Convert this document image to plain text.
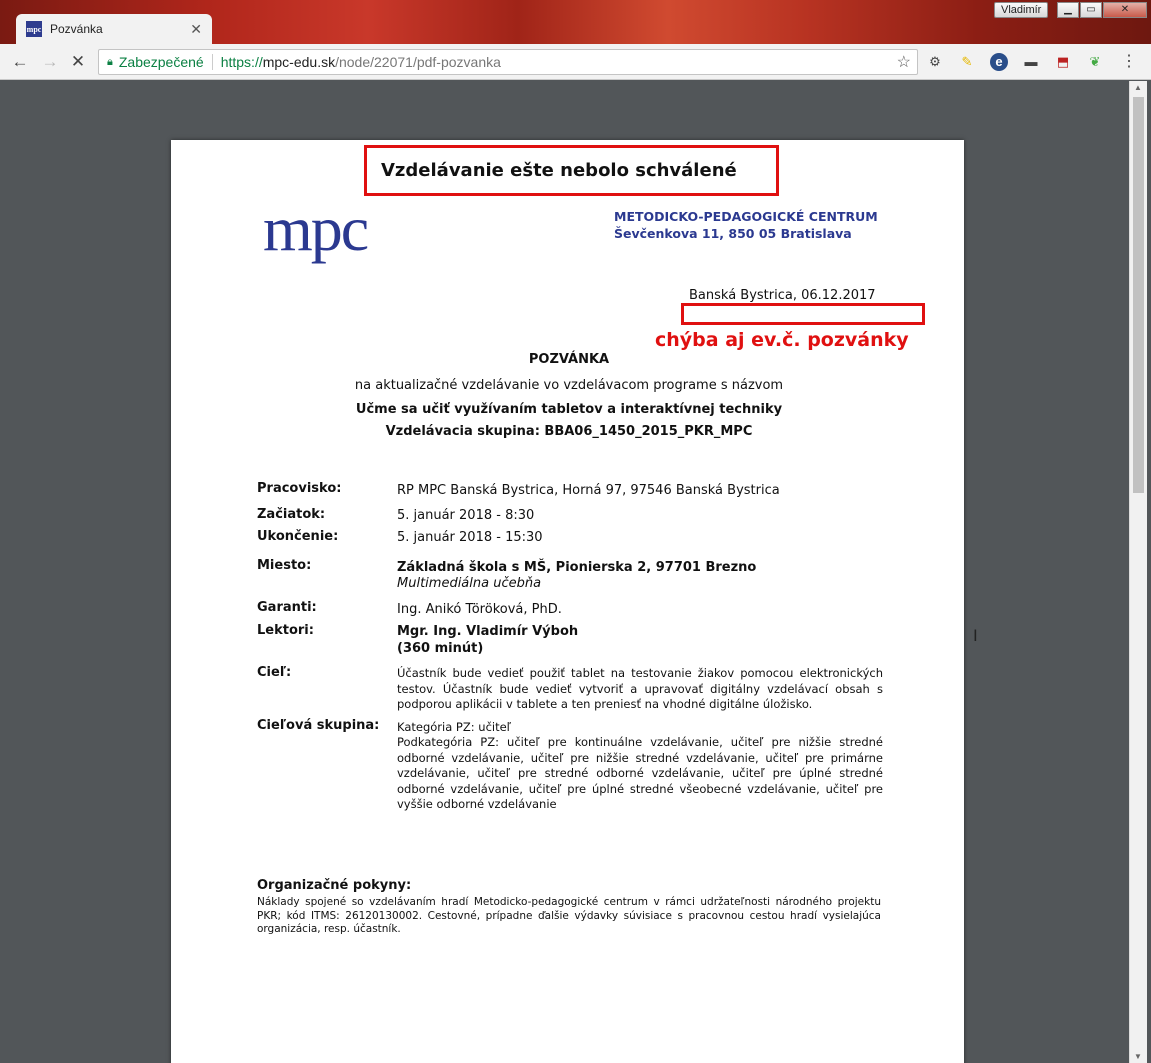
mpc Pozvánka	✕
Vladimír	▁	▭	✕
← → ✕	🔒︎ Zabezpečené https:// mpc-edu.sk /node/22071/pdf-pozvanka	☆ ⚙ ✎	e	▬ ⬒ ❦ ⋮
Vzdelávanie ešte nebolo schválené
mpc	METODICKO-PEDAGOGICKÉ CENTRUM
Ševčenkova 11, 850 05 Bratislava
Banská Bystrica, 06.12.2017
chýba aj ev.č. pozvánky
POZVÁNKA
na aktualizačné vzdelávanie vo vzdelávacom programe s názvom
Učme sa učiť využívaním tabletov a interaktívnej techniky
Vzdelávacia skupina: BBA06_1450_2015_PKR_MPC
Pracovisko:	RP MPC Banská Bystrica, Horná 97, 97546 Banská Bystrica
Začiatok:	5. január 2018 - 8:30
Ukončenie:	5. január 2018 - 15:30
Miesto:	Základná škola s MŠ, Pionierska 2, 97701 Brezno
Multimediálna učebňa
Garanti:	Ing. Anikó Töröková, PhD.
Lektori:	Mgr. Ing. Vladimír Výboh
(360 minút)
Cieľ:	Účastník bude vedieť použiť tablet na testovanie žiakov pomocou elektronických testov. Účastník bude vedieť vytvoriť a upravovať digitálny vzdelávací obsah s podporou aplikácii v tablete a ten preniesť na vhodné digitálne úložisko.
Cieľová skupina: Kategória PZ: učiteľ
Podkategória PZ: učiteľ pre kontinuálne vzdelávanie, učiteľ pre nižšie stredné odborné vzdelávanie, učiteľ pre nižšie stredné vzdelávanie, učiteľ pre primárne vzdelávanie, učiteľ pre stredné odborné vzdelávanie, učiteľ pre úplné stredné odborné vzdelávanie, učiteľ pre úplné stredné všeobecné vzdelávanie, učiteľ pre vyššie odborné vzdelávanie
Organizačné pokyny:
Náklady spojené so vzdelávaním hradí Metodicko-pedagogické centrum v rámci udržateľnosti národného projektu PKR; kód ITMS: 26120130002. Cestovné, prípadne ďalšie výdavky súvisiace s pracovnou cestou hradí vysielajúca organizácia, resp. účastník.
I
▲
▼
